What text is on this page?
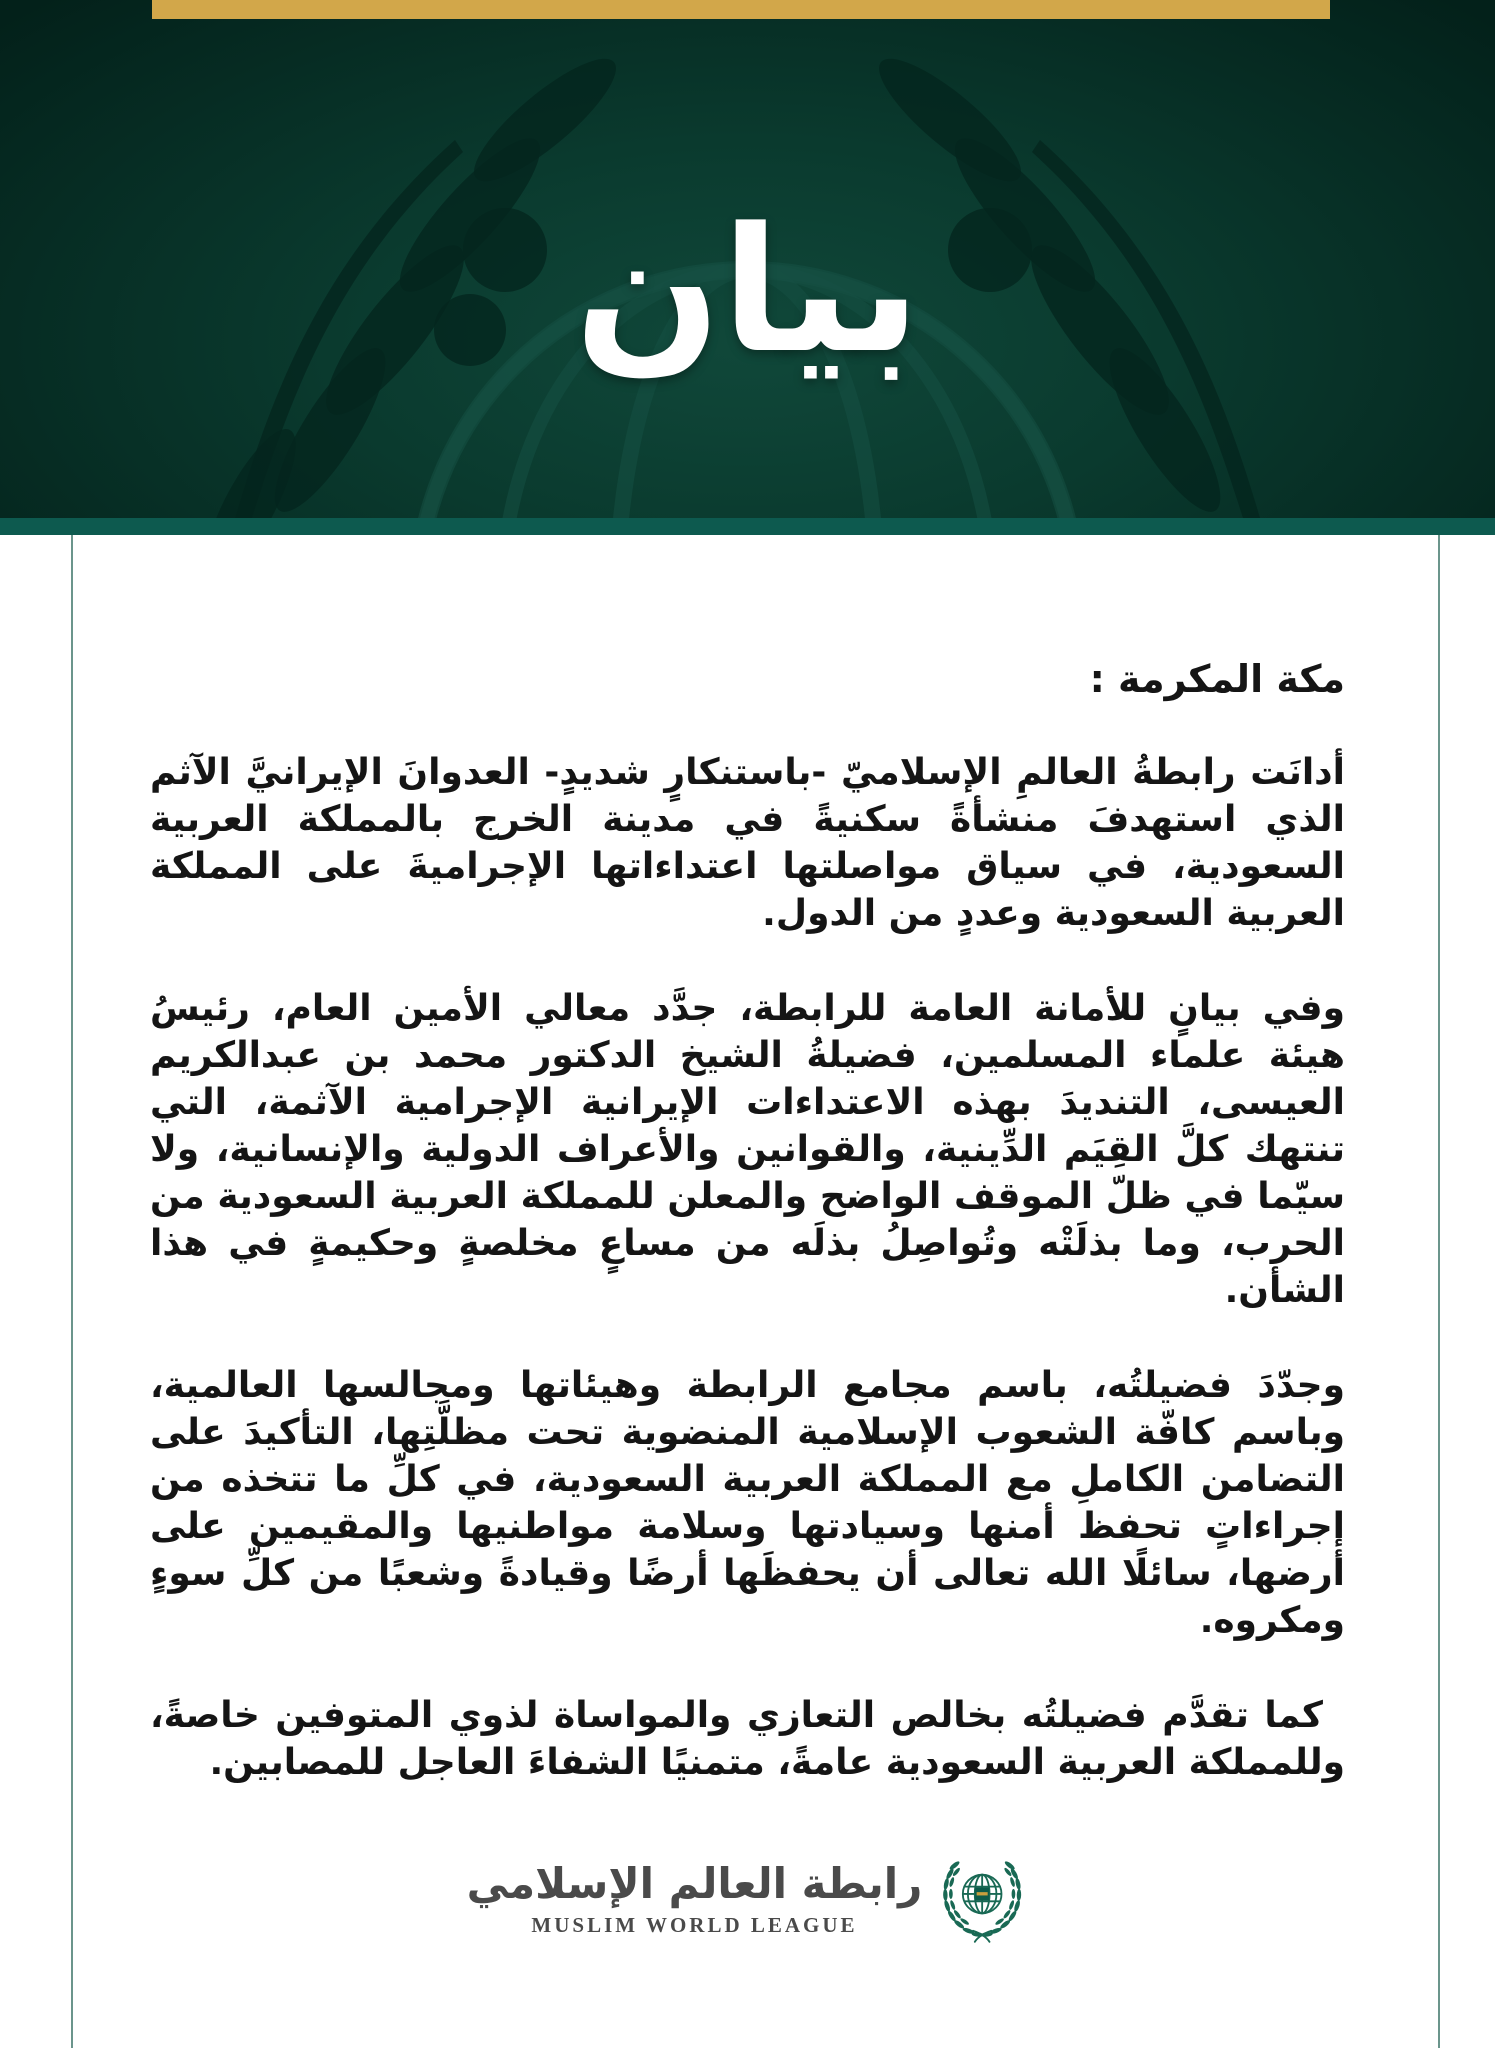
بيان

مكة المكرمة :

أدانَت رابطةُ العالمِ الإسلاميّ -باستنكارٍ شديدٍ- العدوانَ الإيرانيَّ الآثم الذي استهدفَ منشأةً سكنيةً في مدينة الخرج بالمملكة العربية السعودية، في سياق مواصلتها اعتداءاتها الإجراميةَ على المملكة العربية السعودية وعددٍ من الدول.

وفي بيانٍ للأمانة العامة للرابطة، جدَّد معالي الأمين العام، رئيسُ هيئة علماء المسلمين، فضيلةُ الشيخ الدكتور محمد بن عبدالكريم العيسى، التنديدَ بهذه الاعتداءات الإيرانية الإجرامية الآثمة، التي تنتهك كلَّ القِيَم الدِّينية، والقوانين والأعراف الدولية والإنسانية، ولا سيّما في ظلّ الموقف الواضح والمعلن للمملكة العربية السعودية من الحرب، وما بذلَتْه وتُواصِلُ بذلَه من مساعٍ مخلصةٍ وحكيمةٍ في هذا الشأن.

وجدّدَ فضيلتُه، باسم مجامع الرابطة وهيئاتها ومجالسها العالمية، وباسم كافّة الشعوب الإسلامية المنضوية تحت مظلَّتِها، التأكيدَ على التضامن الكاملِ مع المملكة العربية السعودية، في كلِّ ما تتخذه من إجراءاتٍ تحفظ أمنها وسيادتها وسلامة مواطنيها والمقيمين على أرضها، سائلًا الله تعالى أن يحفظَها أرضًا وقيادةً وشعبًا من كلِّ سوءٍ ومكروه.

كما تقدَّم فضيلتُه بخالص التعازي والمواساة لذوي المتوفين خاصةً، وللمملكة العربية السعودية عامةً، متمنيًا الشفاءَ العاجل للمصابين.

رابطة العالم الإسلامي
MUSLIM WORLD LEAGUE
